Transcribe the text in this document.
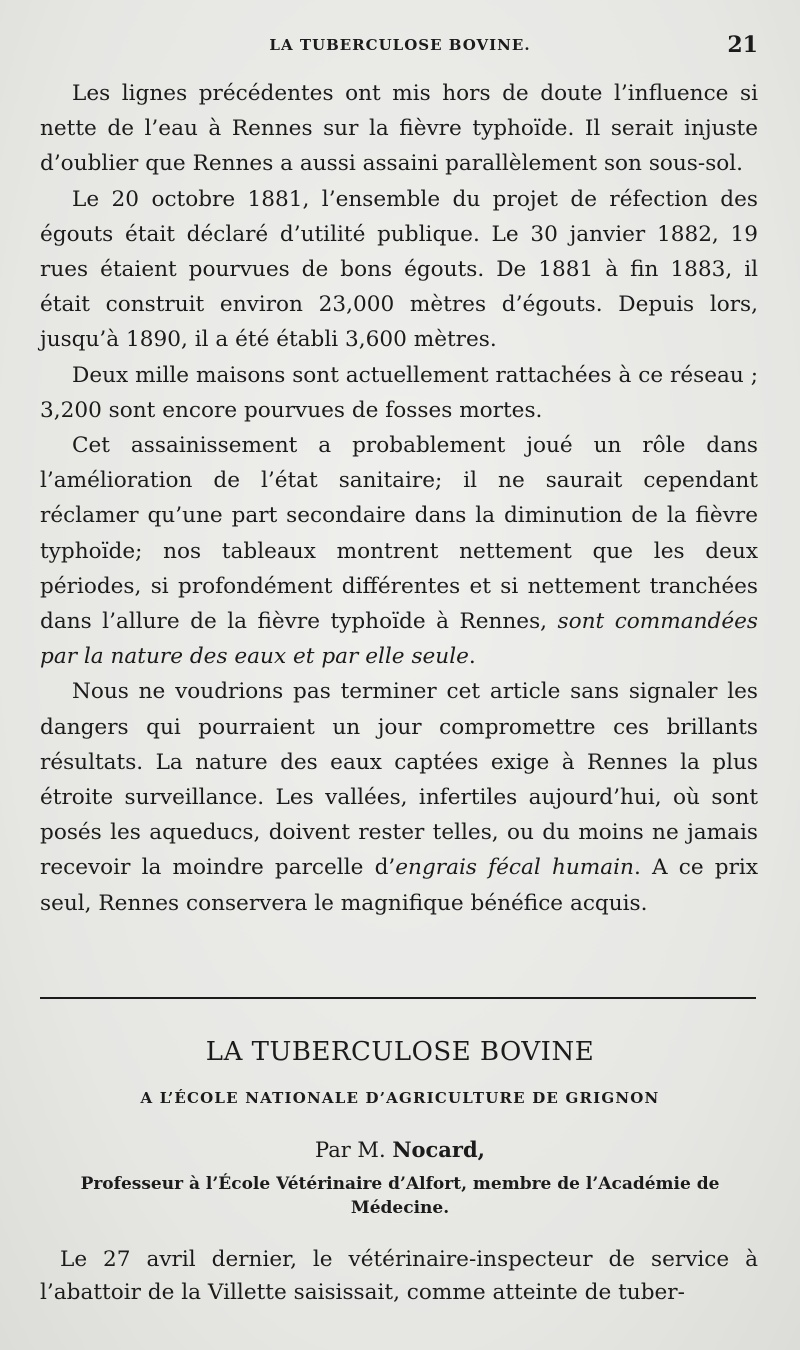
LA TUBERCULOSE BOVINE.	21

Les lignes précédentes ont mis hors de doute l’influence si nette de l’eau à Rennes sur la fièvre typhoïde. Il serait injuste d’oublier que Rennes a aussi assaini parallèlement son sous-sol.

Le 20 octobre 1881, l’ensemble du projet de réfection des égouts était déclaré d’utilité publique. Le 30 janvier 1882, 19 rues étaient pourvues de bons égouts. De 1881 à fin 1883, il était construit environ 23,000 mètres d’égouts. Depuis lors, jusqu’à 1890, il a été établi 3,600 mètres.

Deux mille maisons sont actuellement rattachées à ce réseau ; 3,200 sont encore pourvues de fosses mortes.

Cet assainissement a probablement joué un rôle dans l’amélioration de l’état sanitaire; il ne saurait cependant réclamer qu’une part secondaire dans la diminution de la fièvre typhoïde; nos tableaux montrent nettement que les deux périodes, si profondément différentes et si nettement tranchées dans l’allure de la fièvre typhoïde à Rennes, sont commandées par la nature des eaux et par elle seule.

Nous ne voudrions pas terminer cet article sans signaler les dangers qui pourraient un jour compromettre ces brillants résultats. La nature des eaux captées exige à Rennes la plus étroite surveillance. Les vallées, infertiles aujourd’hui, où sont posés les aqueducs, doivent rester telles, ou du moins ne jamais recevoir la moindre parcelle d’engrais fécal humain. A ce prix seul, Rennes conservera le magnifique bénéfice acquis.

LA TUBERCULOSE BOVINE
A L’ÉCOLE NATIONALE D’AGRICULTURE DE GRIGNON
Par M. Nocard,
Professeur à l’École Vétérinaire d’Alfort, membre de l’Académie de Médecine.

Le 27 avril dernier, le vétérinaire-inspecteur de service à l’abattoir de la Villette saisissait, comme atteinte de tuber-
